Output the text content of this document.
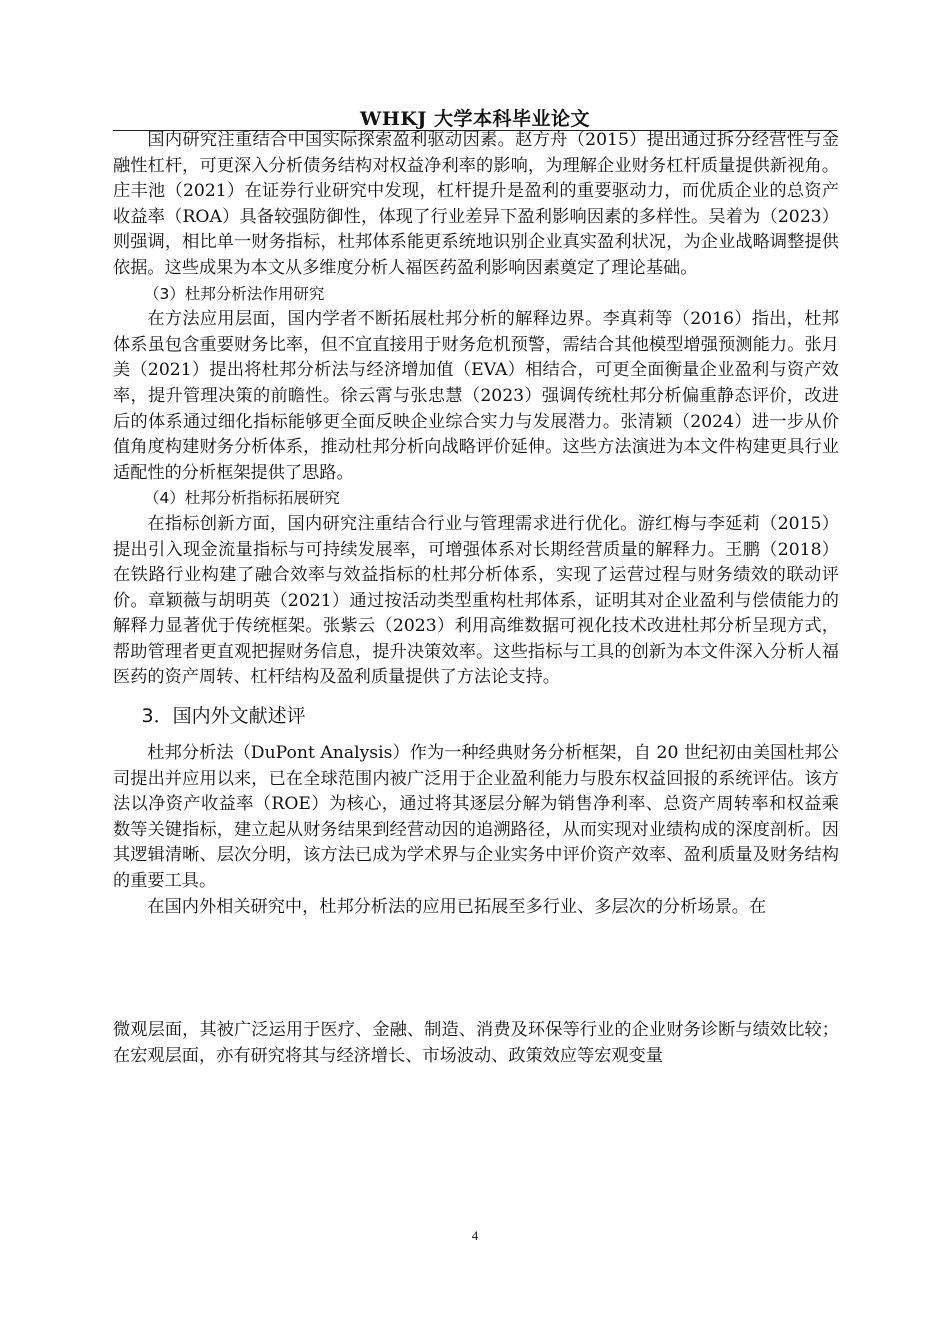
WHKJ 大学本科毕业论文

国内研究注重结合中国实际探索盈利驱动因素。赵方舟（2015）提出通过拆分经营性与金融性杠杆，可更深入分析债务结构对权益净利率的影响，为理解企业财务杠杆质量提供新视角。庄丰池（2021）在证券行业研究中发现，杠杆提升是盈利的重要驱动力，而优质企业的总资产收益率（ROA）具备较强防御性，体现了行业差异下盈利影响因素的多样性。吴着为（2023）则强调，相比单一财务指标，杜邦体系能更系统地识别企业真实盈利状况，为企业战略调整提供依据。这些成果为本文从多维度分析人福医药盈利影响因素奠定了理论基础。

（3）杜邦分析法作用研究

在方法应用层面，国内学者不断拓展杜邦分析的解释边界。李真莉等（2016）指出，杜邦体系虽包含重要财务比率，但不宜直接用于财务危机预警，需结合其他模型增强预测能力。张月美（2021）提出将杜邦分析法与经济增加值（EVA）相结合，可更全面衡量企业盈利与资产效率，提升管理决策的前瞻性。徐云霄与张忠慧（2023）强调传统杜邦分析偏重静态评价，改进后的体系通过细化指标能够更全面反映企业综合实力与发展潜力。张清颖（2024）进一步从价值角度构建财务分析体系，推动杜邦分析向战略评价延伸。这些方法演进为本文件构建更具行业适配性的分析框架提供了思路。

（4）杜邦分析指标拓展研究

在指标创新方面，国内研究注重结合行业与管理需求进行优化。游红梅与李延莉（2015）提出引入现金流量指标与可持续发展率，可增强体系对长期经营质量的解释力。王鹏（2018）在铁路行业构建了融合效率与效益指标的杜邦分析体系，实现了运营过程与财务绩效的联动评价。章颖薇与胡明英（2021）通过按活动类型重构杜邦体系，证明其对企业盈利与偿债能力的解释力显著优于传统框架。张紫云（2023）利用高维数据可视化技术改进杜邦分析呈现方式，帮助管理者更直观把握财务信息，提升决策效率。这些指标与工具的创新为本文件深入分析人福医药的资产周转、杠杆结构及盈利质量提供了方法论支持。

3．国内外文献述评

杜邦分析法（DuPont Analysis）作为一种经典财务分析框架，自 20 世纪初由美国杜邦公司提出并应用以来，已在全球范围内被广泛用于企业盈利能力与股东权益回报的系统评估。该方法以净资产收益率（ROE）为核心，通过将其逐层分解为销售净利率、总资产周转率和权益乘数等关键指标，建立起从财务结果到经营动因的追溯路径，从而实现对业绩构成的深度剖析。因其逻辑清晰、层次分明，该方法已成为学术界与企业实务中评价资产效率、盈利质量及财务结构的重要工具。

在国内外相关研究中，杜邦分析法的应用已拓展至多行业、多层次的分析场景。在

微观层面，其被广泛运用于医疗、金融、制造、消费及环保等行业的企业财务诊断与绩效比较；在宏观层面，亦有研究将其与经济增长、市场波动、政策效应等宏观变量

4
